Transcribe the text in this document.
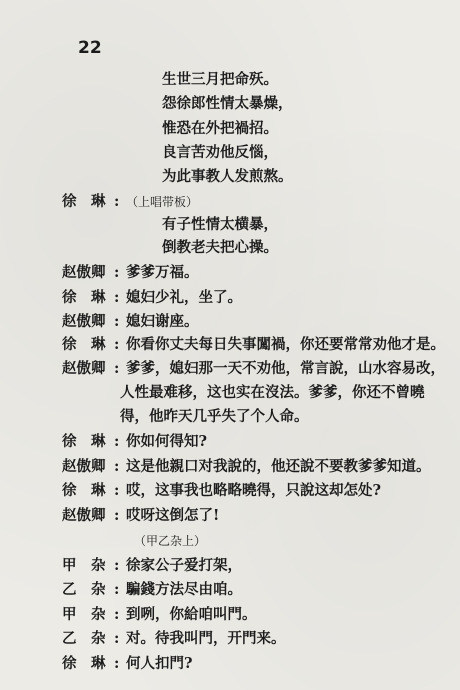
22
生世三月把命殀。
怨徐郎性情太暴燥，
惟恐在外把禍招。
良言苦劝他反惱，
为此事教人发煎熬。
徐　琳 : （上唱带板）
有子性情太横暴，
倒教老夫把心操。
赵傲卿 : 爹爹万福。
徐　琳 : 媳妇少礼，坐了。
赵傲卿 : 媳妇谢座。
徐　琳 : 你看你丈夫每日失事闖禍，你还要常常劝他才是。
赵傲卿 : 爹爹，媳妇那一天不劝他，常言說，山水容易改，
人性最难移，这也实在沒法。爹爹，你还不曾曉
得，他昨天几乎失了个人命。
徐　琳 : 你如何得知?
赵傲卿 : 这是他親口对我說的，他还說不要教爹爹知道。
徐　琳 : 哎，这事我也略略曉得，只說这却怎处?
赵傲卿 : 哎呀这倒怎了!
（甲乙杂上）
甲　杂 : 徐家公子爱打架，
乙　杂 : 騙錢方法尽由咱。
甲　杂 : 到咧，你給咱叫門。
乙　杂 : 对。待我叫門，开門来。
徐　琳 : 何人扣門?
